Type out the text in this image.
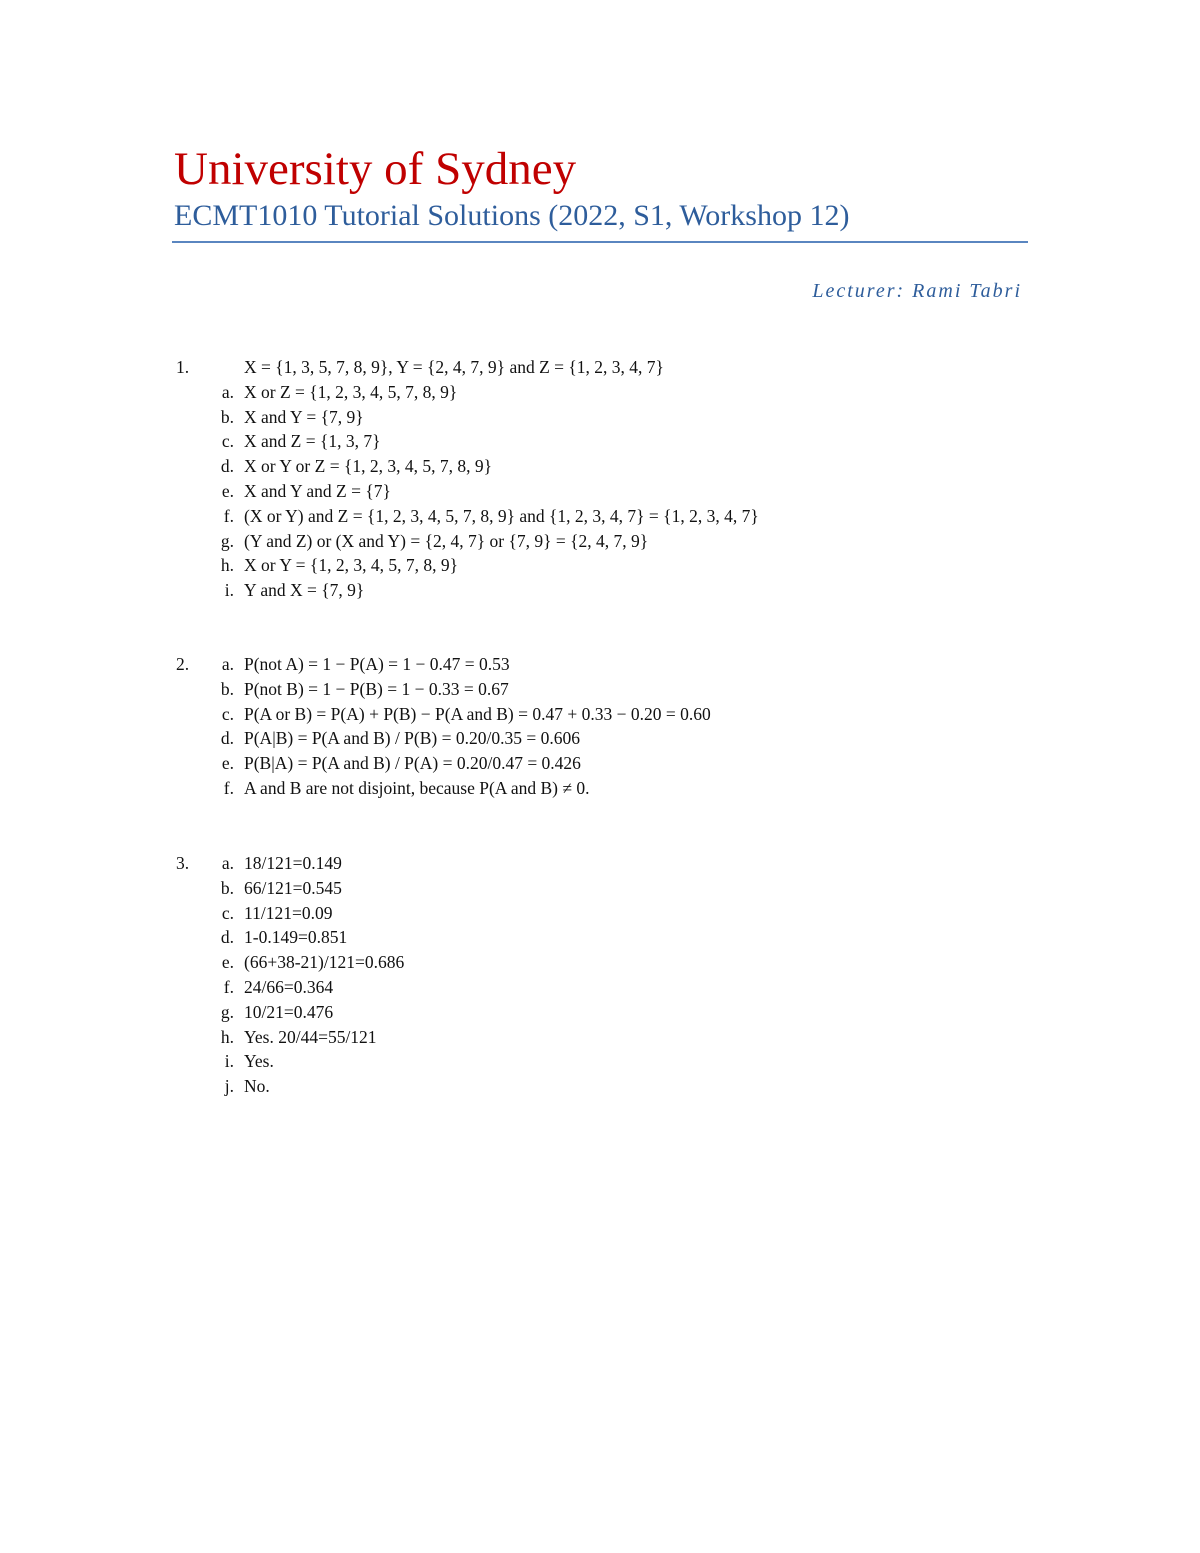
University of Sydney
ECMT1010 Tutorial Solutions (2022, S1, Workshop 12)
Lecturer: Rami Tabri
1.	X = {1, 3, 5, 7, 8, 9}, Y = {2, 4, 7, 9} and Z = {1, 2, 3, 4, 7}
a. X or Z = {1, 2, 3, 4, 5, 7, 8, 9}
b. X and Y = {7, 9}
c. X and Z = {1, 3, 7}
d. X or Y or Z = {1, 2, 3, 4, 5, 7, 8, 9}
e. X and Y and Z = {7}
f. (X or Y) and Z = {1, 2, 3, 4, 5, 7, 8, 9} and {1, 2, 3, 4, 7} = {1, 2, 3, 4, 7}
g. (Y and Z) or (X and Y) = {2, 4, 7} or {7, 9} = {2, 4, 7, 9}
h. X or Y = {1, 2, 3, 4, 5, 7, 8, 9}
i. Y and X = {7, 9}
2.	a. P(not A) = 1 − P(A) = 1 − 0.47 = 0.53
b. P(not B) = 1 − P(B) = 1 − 0.33 = 0.67
c. P(A or B) = P(A) + P(B) − P(A and B) = 0.47 + 0.33 − 0.20 = 0.60
d. P(A|B) = P(A and B) / P(B) = 0.20/0.35 = 0.606
e. P(B|A) = P(A and B) / P(A) = 0.20/0.47 = 0.426
f. A and B are not disjoint, because P(A and B) ≠ 0.
3.	a. 18/121=0.149
b. 66/121=0.545
c. 11/121=0.09
d. 1-0.149=0.851
e. (66+38-21)/121=0.686
f. 24/66=0.364
g. 10/21=0.476
h. Yes. 20/44=55/121
i. Yes.
j. No.
